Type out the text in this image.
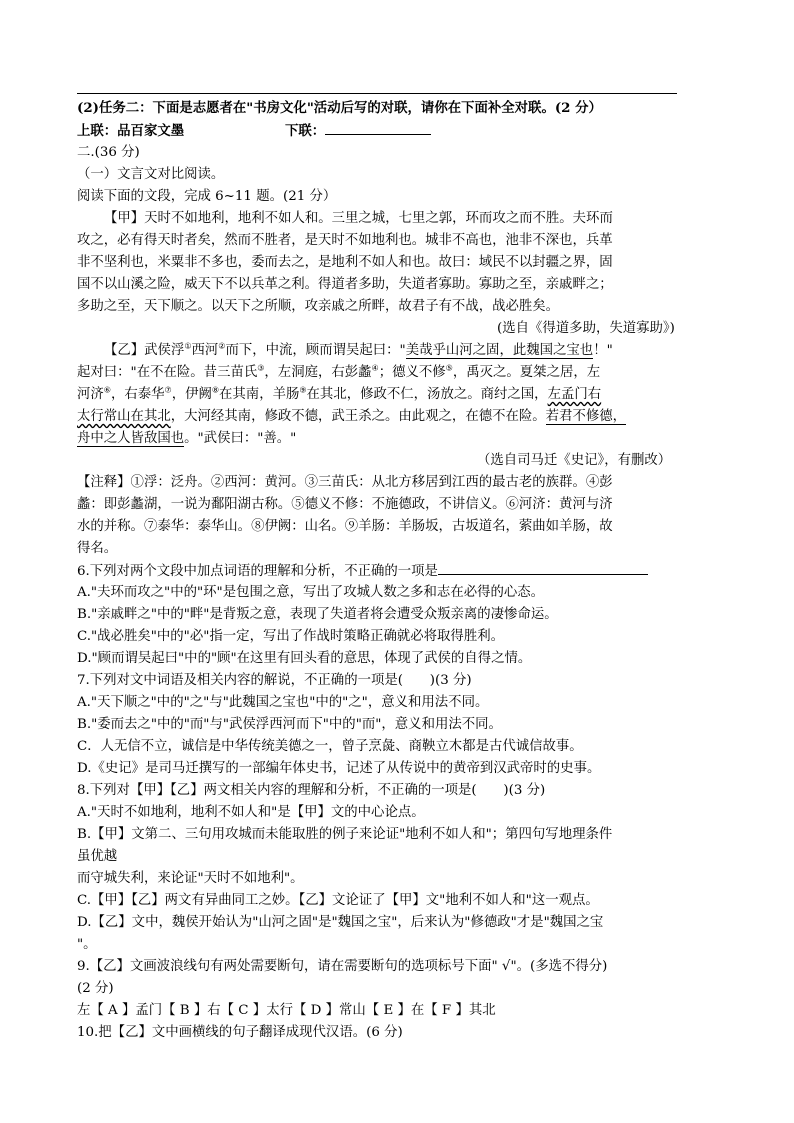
(2)任务二：下面是志愿者在"书房文化"活动后写的对联，请你在下面补全对联。(2 分）
上联：品百家文墨	下联：
二.(36 分)
（一）文言文对比阅读。
阅读下面的文段，完成 6~11 题。(21 分）
【甲】天时不如地利，地利不如人和。三里之城，七里之郭，环而攻之而不胜。夫环而
攻之，必有得天时者矣，然而不胜者，是天时不如地利也。城非不高也，池非不深也，兵革
非不坚利也，米粟非不多也，委而去之，是地利不如人和也。故曰：域民不以封疆之界，固
国不以山溪之险，威天下不以兵革之利。得道者多助，失道者寡助。寡助之至，亲戚畔之；
多助之至，天下顺之。以天下之所顺，攻亲戚之所畔，故君子有不战，战必胜矣。
(选自《得道多助，失道寡助》)
【乙】武侯浮①西河②而下，中流，顾而谓吴起曰："美哉乎山河之固，此魏国之宝也！"
起对曰："在不在险。昔三苗氏③，左洞庭，右彭蠡④；德义不修⑤，禹灭之。夏桀之居，左
河济⑥，右泰华⑦，伊阙⑧在其南，羊肠⑨在其北，修政不仁，汤放之。商纣之国，左孟门右
太行常山在其北，大河经其南，修政不德，武王杀之。由此观之，在德不在险。若君不修德，
舟中之人皆敌国也。"武侯曰："善。"
（选自司马迁《史记》，有删改）
【注释】①浮：泛舟。②西河：黄河。③三苗氏：从北方移居到江西的最古老的族群。④彭
蠡：即彭蠡湖，一说为鄱阳湖古称。⑤德义不修：不施德政，不讲信义。⑥河济：黄河与济
水的并称。⑦泰华：泰华山。⑧伊阙：山名。⑨羊肠：羊肠坂，古坂道名，萦曲如羊肠，故
得名。
6.下列对两个文段中加点词语的理解和分析，不正确的一项是
A."夫环而攻之"中的"环"是包围之意，写出了攻城人数之多和志在必得的心态。
B."亲戚畔之"中的"畔"是背叛之意，表现了失道者将会遭受众叛亲离的凄惨命运。
C."战必胜矣"中的"必"指一定，写出了作战时策略正确就必将取得胜利。
D."顾而谓吴起曰"中的"顾"在这里有回头看的意思，体现了武侯的自得之情。
7.下列对文中词语及相关内容的解说，不正确的一项是(　　)(3 分)
A."天下顺之"中的"之"与"此魏国之宝也"中的"之"，意义和用法不同。
B."委而去之"中的"而"与"武侯浮西河而下"中的"而"，意义和用法不同。
C．人无信不立，诚信是中华传统美德之一，曾子烹彘、商鞅立木都是古代诚信故事。
D.《史记》是司马迁撰写的一部编年体史书，记述了从传说中的黄帝到汉武帝时的史事。
8.下列对【甲】【乙】两文相关内容的理解和分析，不正确的一项是(　　)(3 分)
A."天时不如地利，地利不如人和"是【甲】文的中心论点。
B.【甲】文第二、三句用攻城而未能取胜的例子来论证"地利不如人和"；第四句写地理条件
虽优越
而守城失利，来论证"天时不如地利"。
C.【甲】【乙】两文有异曲同工之妙。【乙】文论证了【甲】文"地利不如人和"这一观点。
D.【乙】文中，魏侯开始认为"山河之固"是"魏国之宝"，后来认为"修德政"才是"魏国之宝
"。
9.【乙】文画波浪线句有两处需要断句，请在需要断句的选项标号下面" √"。(多选不得分)
(2 分)
左【 A 】孟门【 B 】右【 C 】太行【 D 】常山【 E 】在【 F 】其北
10.把【乙】文中画横线的句子翻译成现代汉语。(6 分)
